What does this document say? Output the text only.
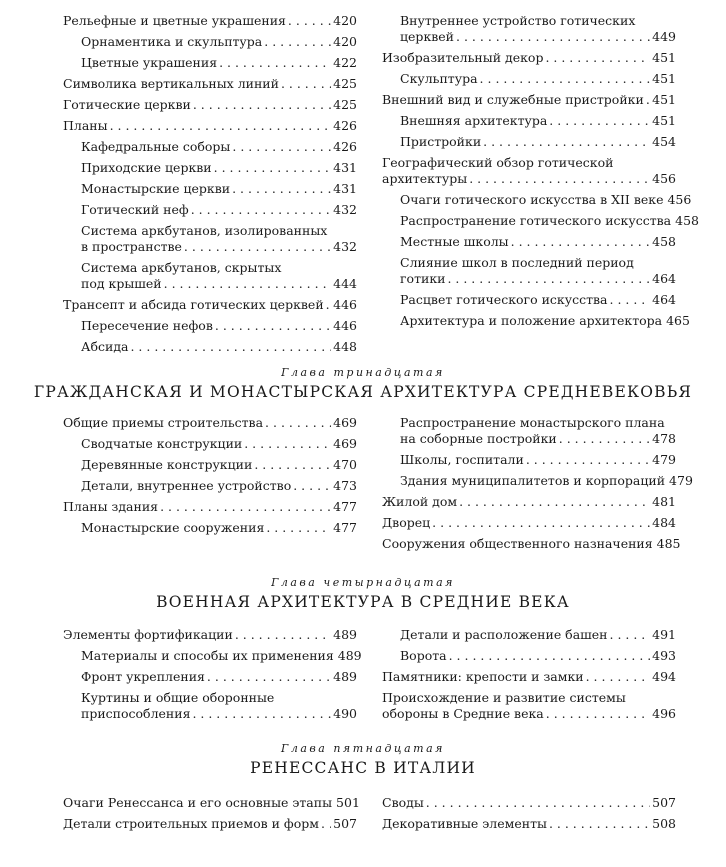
Рельефные и цветные украшения . . .	420
Орнаментика и скульптура . . .	420
Цветные украшения . . .	422
Символика вертикальных линий . . .	425
Готические церкви . . .	425
Планы . . .	426
Кафедральные соборы . . .	426
Приходские церкви . . .	431
Монастырские церкви . . .	431
Готический неф . . .	432
Система аркбутанов, изолированных
в пространстве . . .	432
Система аркбутанов, скрытых
под крышей . . .	444
Трансепт и абсида готических церквей . . . 446
Пересечение нефов . . .	446
Абсида . . .	448
Внутреннее устройство готических
церквей . . .	449
Изобразительный декор . . .	451
Скульптура . . .	451
Внешний вид и служебные пристройки . . . 451
Внешняя архитектура . . .	451
Пристройки . . .	454
Географический обзор готической
архитектуры . . .	456
Очаги готического искусства в XII веке 456
Распространение готического искусства 458
Местные школы . . .	458
Слияние школ в последний период
готики . . .	464
Расцвет готического искусства . . .	464
Архитектура и положение архитектора 465
Глава тринадцатая
ГРАЖДАНСКАЯ И МОНАСТЫРСКАЯ АРХИТЕКТУРА СРЕДНЕВЕКОВЬЯ
Общие приемы строительства . . .	469
Сводчатые конструкции . . .	469
Деревянные конструкции . . .	470
Детали, внутреннее устройство . . .	473
Планы здания . . .	477
Монастырские сооружения . . .	477
Распространение монастырского плана
на соборные постройки . . .	478
Школы, госпитали . . .	479
Здания муниципалитетов и корпораций 479
Жилой дом . . .	481
Дворец . . .	484
Сооружения общественного назначения 485
Глава четырнадцатая
ВОЕННАЯ АРХИТЕКТУРА В СРЕДНИЕ ВЕКА
Элементы фортификации . . .	489
Материалы и способы их применения 489
Фронт укрепления . . .	489
Куртины и общие оборонные
приспособления . . .	490
Детали и расположение башен . . .	491
Ворота . . .	493
Памятники: крепости и замки . . .	494
Происхождение и развитие системы
обороны в Средние века . . .	496
Глава пятнадцатая
РЕНЕССАНС В ИТАЛИИ
Очаги Ренессанса и его основные этапы 501
Детали строительных приемов и форм . . . 507
Своды . . .	507
Декоративные элементы . . .	508
